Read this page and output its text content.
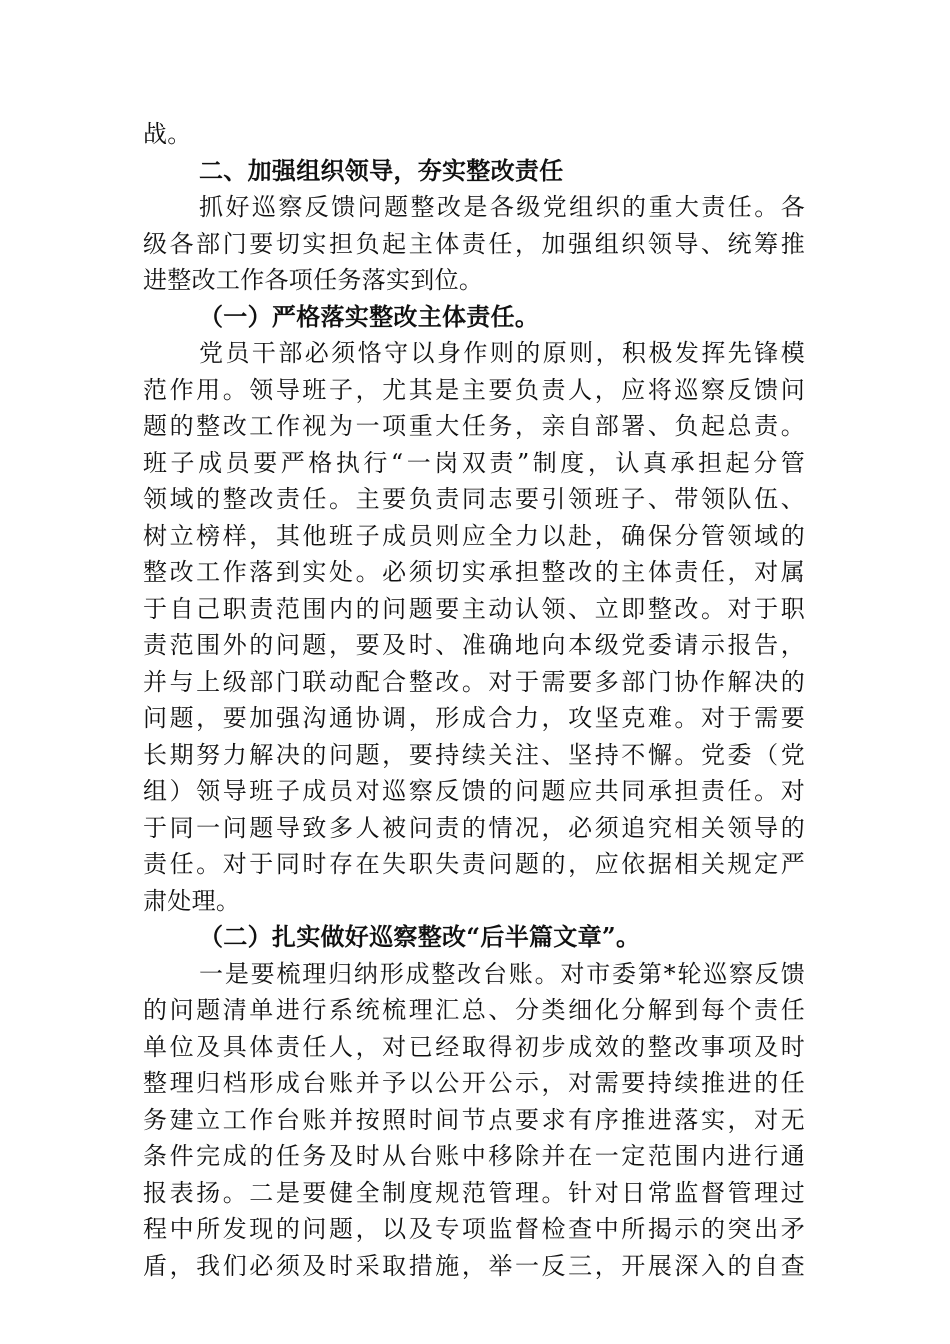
战。
二、加强组织领导，夯实整改责任
抓好巡察反馈问题整改是各级党组织的重大责任。各
级各部门要切实担负起主体责任，加强组织领导、统筹推
进整改工作各项任务落实到位。
（一）严格落实整改主体责任。
党员干部必须恪守以身作则的原则，积极发挥先锋模
范作用。领导班子，尤其是主要负责人，应将巡察反馈问
题的整改工作视为一项重大任务，亲自部署、负起总责。
班子成员要严格执行“一岗双责”制度，认真承担起分管
领域的整改责任。主要负责同志要引领班子、带领队伍、
树立榜样，其他班子成员则应全力以赴，确保分管领域的
整改工作落到实处。必须切实承担整改的主体责任，对属
于自己职责范围内的问题要主动认领、立即整改。对于职
责范围外的问题，要及时、准确地向本级党委请示报告，
并与上级部门联动配合整改。对于需要多部门协作解决的
问题，要加强沟通协调，形成合力，攻坚克难。对于需要
长期努力解决的问题，要持续关注、坚持不懈。党委（党
组）领导班子成员对巡察反馈的问题应共同承担责任。对
于同一问题导致多人被问责的情况，必须追究相关领导的
责任。对于同时存在失职失责问题的，应依据相关规定严
肃处理。
（二）扎实做好巡察整改“后半篇文章”。
一是要梳理归纳形成整改台账。对市委第*轮巡察反馈
的问题清单进行系统梳理汇总、分类细化分解到每个责任
单位及具体责任人，对已经取得初步成效的整改事项及时
整理归档形成台账并予以公开公示，对需要持续推进的任
务建立工作台账并按照时间节点要求有序推进落实，对无
条件完成的任务及时从台账中移除并在一定范围内进行通
报表扬。二是要健全制度规范管理。针对日常监督管理过
程中所发现的问题，以及专项监督检查中所揭示的突出矛
盾，我们必须及时采取措施，举一反三，开展深入的自查
